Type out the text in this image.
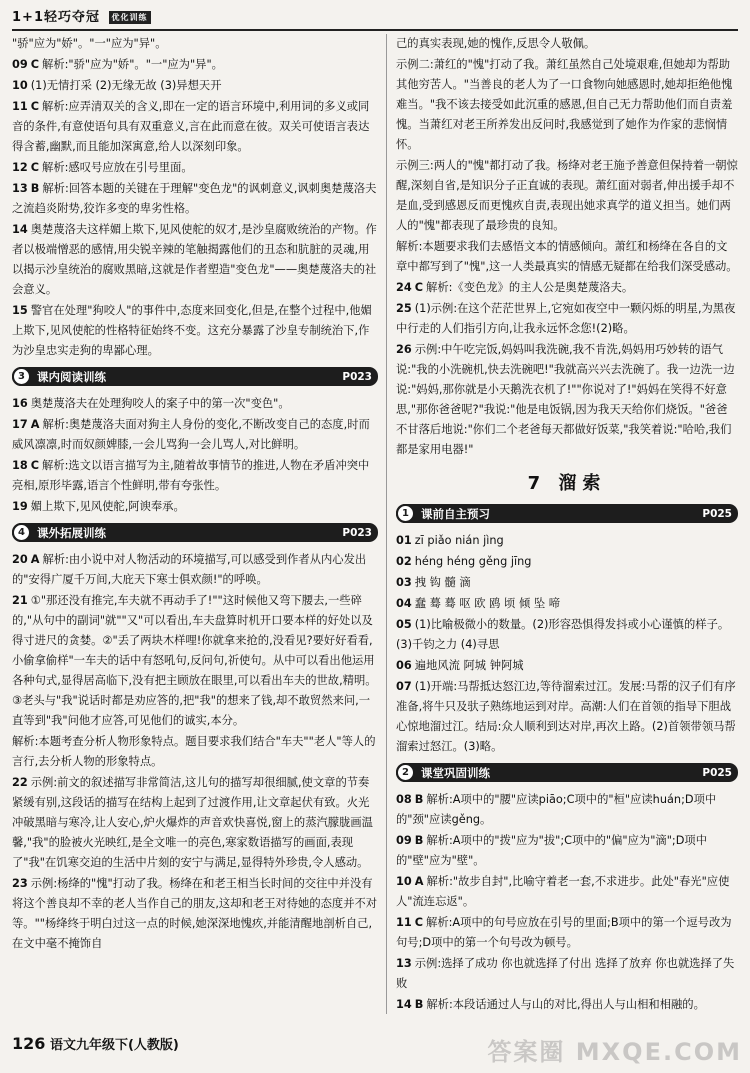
1+1轻巧夺冠 优化训练
"骄"应为"娇"。"一"应为"异"。
09 C 解析:"骄"应为"娇"。"一"应为"异"。
10 (1)无情打采 (2)无缘无故 (3)异想天开
11 C 解析:应弄清双关的含义,即在一定的语言环境中,利用词的多义或同音的条件,有意使语句具有双重意义,言在此而意在彼。双关可使语言表达得含蓄,幽默,而且能加深寓意,给人以深刻印象。
12 C 解析:感叹号应放在引号里面。
13 B 解析:回答本题的关键在于理解"变色龙"的讽刺意义,讽刺奥楚蔑洛夫之流趋炎附势,狡诈多变的卑劣性格。
14 奥楚蔑洛夫这样媚上欺下,见风使舵的奴才,是沙皇腐败统治的产物。作者以极端憎恶的感情,用尖锐辛辣的笔触揭露他们的丑态和肮脏的灵魂,用以揭示沙皇统治的腐败黑暗,这就是作者塑造"变色龙"——奥楚蔑洛夫的社会意义。
15 警官在处理"狗咬人"的事件中,态度来回变化,但是,在整个过程中,他媚上欺下,见风使舵的性格特征始终不变。这充分暴露了沙皇专制统治下,作为沙皇忠实走狗的卑鄙心理。
3	课内阅读训练	P023
16 奥楚蔑洛夫在处理狗咬人的案子中的第一次"变色"。
17 A 解析:奥楚蔑洛夫面对狗主人身份的变化,不断改变自己的态度,时而威风凛凛,时而奴颜婢膝,一会儿骂狗一会儿骂人,对比鲜明。
18 C 解析:选文以语言描写为主,随着故事情节的推进,人物在矛盾冲突中亮相,原形毕露,语言个性鲜明,带有夸张性。
19 媚上欺下,见风使舵,阿谀奉承。
4	课外拓展训练	P023
20 A 解析:由小说中对人物活动的环境描写,可以感受到作者从内心发出的"安得广厦千万间,大庇天下寒士俱欢颜!"的呼唤。
21 ①"那还没有推完,车夫就不再动手了!""这时候他又弯下腰去,一些碎的,"从句中的副词"就""又"可以看出,车夫盘算时机开口要本样的好处以及得寸进尺的贪婪。②"丢了两块木样哩!你就拿来抢的,没看见?要好好看看,小偷拿偷样"一车夫的话中有怒吼句,反问句,祈使句。从中可以看出他运用各种句式,显得居高临下,没有把主顾放在眼里,可以看出车夫的世故,精明。③老头与"我"说话时都是劝应答的,把"我"的想来了钱,却不敢贸然来问,一直等到"我"问他才应答,可见他们的诚实,本分。
解析:本题考查分析人物形象特点。题目要求我们结合"车夫""老人"等人的言行,去分析人物的形象特点。
22 示例:前文的叙述描写非常简洁,这儿句的描写却很细腻,使文章的节奏紧缓有别,这段话的描写在结构上起到了过渡作用,让文章起伏有致。火光冲破黑暗与寒冷,让人安心,炉火爆炸的声音欢快喜悦,窗上的蒸汽朦胧画温馨,"我"的脸被火光映红,是全文唯一的亮色,寒家数语描写的画面,表现了"我"在饥寒交迫的生活中片刻的安宁与满足,显得特外珍贵,令人感动。
23 示例:杨绛的"愧"打动了我。杨绛在和老王相当长时间的交往中并没有将这个善良却不幸的老人当作自己的朋友,这却和老王对待她的态度并不对等。""杨绛终于明白过这一点的时候,她深深地愧疚,并能清醒地剖析自己,在文中毫不掩饰自
己的真实表现,她的愧作,反思令人敬佩。
示例二:萧红的"愧"打动了我。萧红虽然自己处境艰难,但她却为帮助其他穷苦人。"当善良的老人为了一口食物向她感恩时,她却拒绝他愧难当。"我不该去接受如此沉重的感恩,但自己无力帮助他们而自责羞愧。当萧红对老王所养发出反问时,我感觉到了她作为作家的悲悯情怀。
示例三:两人的"愧"都打动了我。杨绛对老王施予善意但保持着一朝惊醒,深刻自省,是知识分子正直诚的表现。萧红面对弱者,伸出援手却不是血,受到感恩反而更愧疚自责,表现出她求真学的道义担当。她们两人的"愧"都表现了最珍贵的良知。
解析:本题要求我们去感悟文本的情感倾向。萧红和杨绛在各自的文章中都写到了"愧",这一人类最真实的情感无疑都在给我们深受感动。
24 C 解析:《变色龙》的主人公是奥楚蔑洛夫。
25 (1)示例:在这个茫茫世界上,它宛如夜空中一颗闪烁的明星,为黑夜中行走的人们指引方向,让我永远怀念您!(2)略。
26 示例:中午吃完饭,妈妈叫我洗碗,我不肯洗,妈妈用巧妙转的语气说:"我的小洗碗机,快去洗碗吧!"我就高兴兴去洗碗了。我一边洗一边说:"妈妈,那你就是小天鹅洗衣机了!""你说对了!"妈妈在笑得不好意思,"那你爸爸呢?"我说:"他是电饭锅,因为我天天给你们烧饭。"爸爸不甘落后地说:"你们二个老爸每天都做好饭菜,"我笑着说:"哈哈,我们都是家用电器!"
7 溜索
1	课前自主预习	P025
01 zī piǎo nián jìng
02 héng héng gěng jīng
03 拽 钩 髓 滴
04 蠢 蓦 蓦 呕 欧 鸥 顷 倾 坠 啼
05 (1)比喻极微小的数量。(2)形容恐惧得发抖或小心谨慎的样子。(3)千钧之力 (4)寻思
06 遍地风流 阿城 钟阿城
07 (1)开端:马帮抵达怒江边,等待溜索过江。发展:马帮的汉子们有序准备,将牛只及驮子熟练地运到对岸。高潮:人们在首领的指导下胆战心惊地溜过江。结局:众人顺利到达对岸,再次上路。(2)首领带领马帮溜索过怒江。(3)略。
2	课堂巩固训练	P025
08 B 解析:A项中的"腰"应读piāo;C项中的"桓"应读huán;D项中的"颈"应读gěng。
09 B 解析:A项中的"拨"应为"拔";C项中的"偏"应为"滴";D项中的"壁"应为"壁"。
10 A 解析:"故步自封",比喻守着老一套,不求进步。此处"春光"应使人"流连忘返"。
11 C 解析:A项中的句号应放在引号的里面;B项中的第一个逗号改为句号;D项中的第一个句号改为顿号。
13 示例:选择了成功 你也就选择了付出 选择了放弃 你也就选择了失败
14 B 解析:本段话通过人与山的对比,得出人与山相和相融的。
126 语文九年级下(人教版)	答案圈 MXQE.COM
